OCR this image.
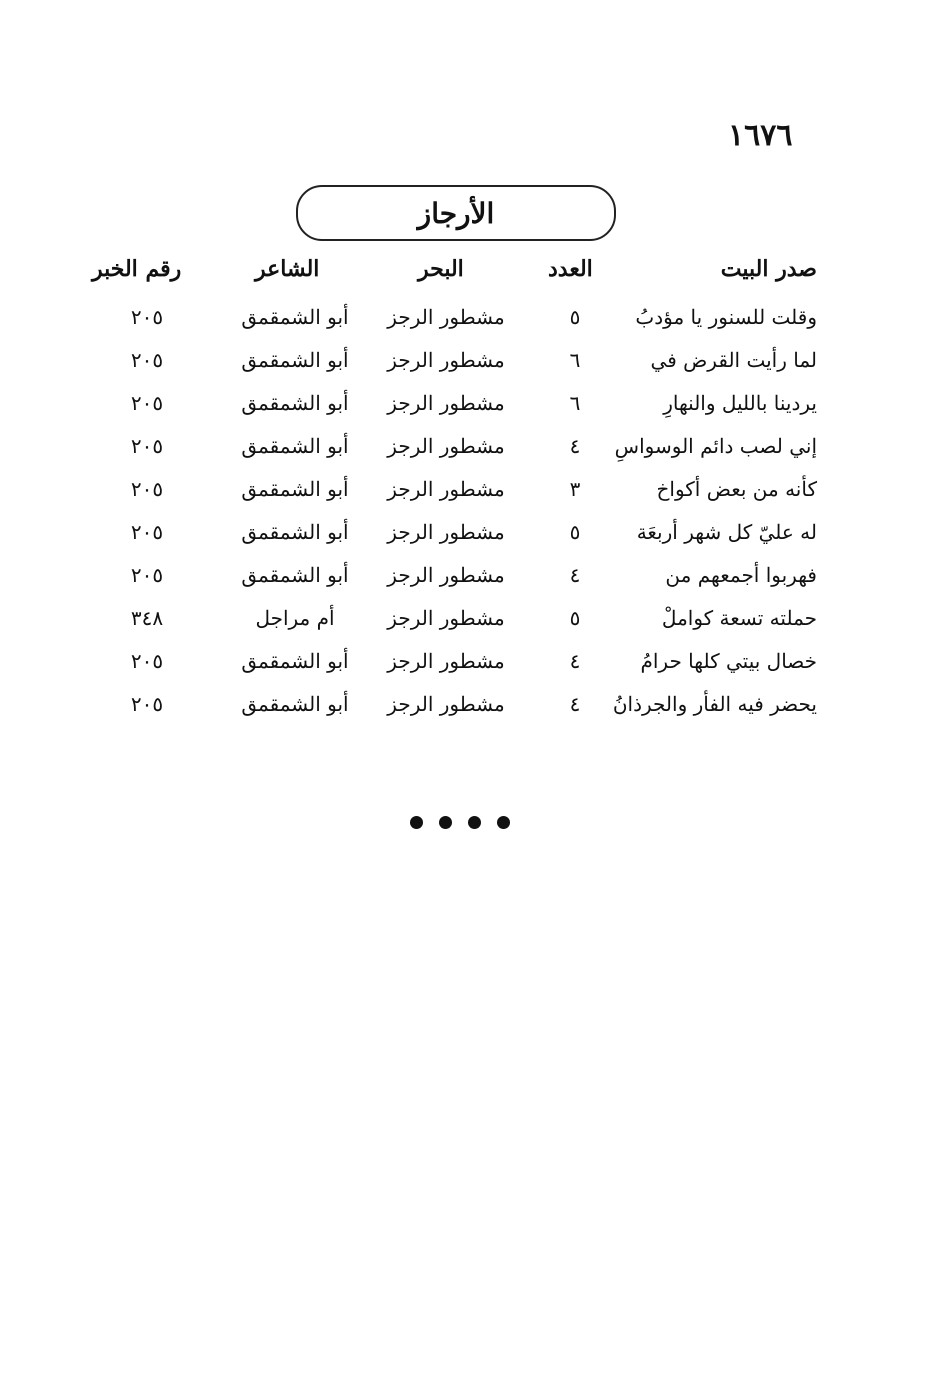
١٦٧٦
الأرجاز
صدر البيت
العدد
البحر
الشاعر
رقم الخبر
وقلت للسنور يا مؤدبُ
٥
مشطور الرجز
أبو الشمقمق
٢٠٥
لما رأيت القرض في
٦
مشطور الرجز
أبو الشمقمق
٢٠٥
يردينا بالليل والنهارِ
٦
مشطور الرجز
أبو الشمقمق
٢٠٥
إني لصب دائم الوسواسِ
٤
مشطور الرجز
أبو الشمقمق
٢٠٥
كأنه من بعض أكواخ
٣
مشطور الرجز
أبو الشمقمق
٢٠٥
له عليّ كل شهر أربعَة
٥
مشطور الرجز
أبو الشمقمق
٢٠٥
فهربوا أجمعهم من
٤
مشطور الرجز
أبو الشمقمق
٢٠٥
حملته تسعة كواملْ
٥
مشطور الرجز
أم مراجل
٣٤٨
خصال بيتي كلها حرامُ
٤
مشطور الرجز
أبو الشمقمق
٢٠٥
يحضر فيه الفأر والجرذانُ
٤
مشطور الرجز
أبو الشمقمق
٢٠٥
